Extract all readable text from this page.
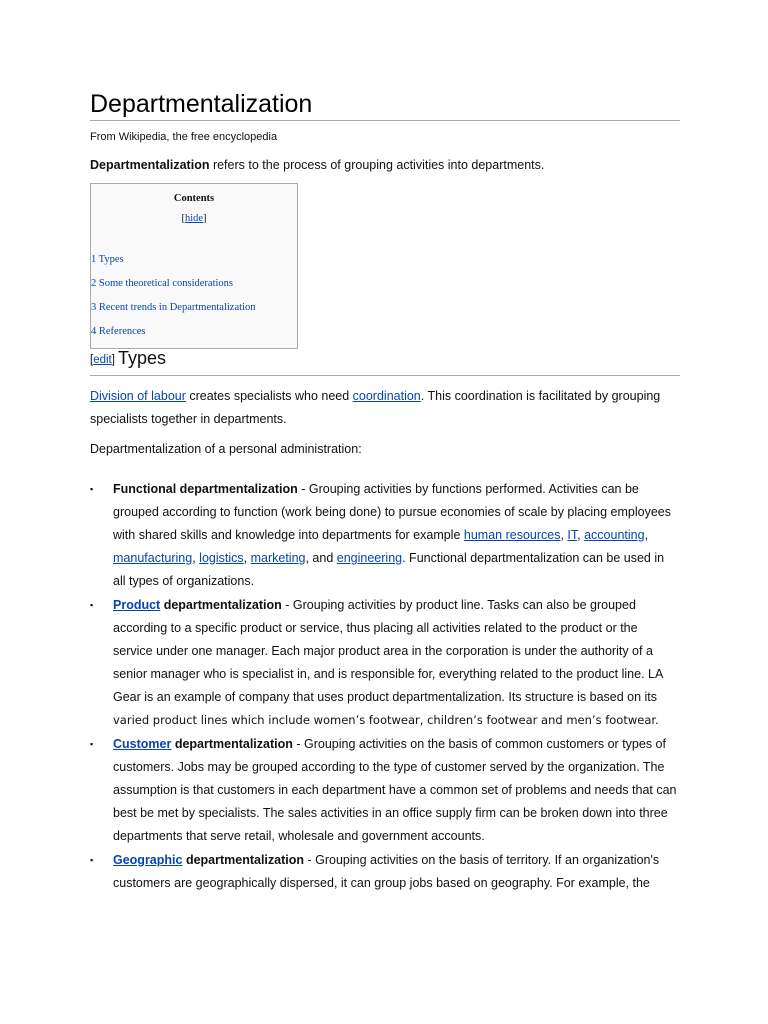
Departmentalization
From Wikipedia, the free encyclopedia
Departmentalization refers to the process of grouping activities into departments.
Contents
[hide]
1 Types
2 Some theoretical considerations
3 Recent trends in Departmentalization
4 References
[edit] Types
Division of labour creates specialists who need coordination. This coordination is facilitated by grouping specialists together in departments.
Departmentalization of a personal administration:
▪ Functional departmentalization - Grouping activities by functions performed. Activities can be grouped according to function (work being done) to pursue economies of scale by placing employees with shared skills and knowledge into departments for example human resources, IT, accounting, manufacturing, logistics, marketing, and engineering. Functional departmentalization can be used in all types of organizations.
▪ Product departmentalization - Grouping activities by product line. Tasks can also be grouped according to a specific product or service, thus placing all activities related to the product or the service under one manager. Each major product area in the corporation is under the authority of a senior manager who is specialist in, and is responsible for, everything related to the product line. LA Gear is an example of company that uses product departmentalization. Its structure is based on its varied product lines which include women’s footwear, children’s footwear and men’s footwear.
▪ Customer departmentalization - Grouping activities on the basis of common customers or types of customers. Jobs may be grouped according to the type of customer served by the organization. The assumption is that customers in each department have a common set of problems and needs that can best be met by specialists. The sales activities in an office supply firm can be broken down into three departments that serve retail, wholesale and government accounts.
▪ Geographic departmentalization - Grouping activities on the basis of territory. If an organization's customers are geographically dispersed, it can group jobs based on geography. For example, the
